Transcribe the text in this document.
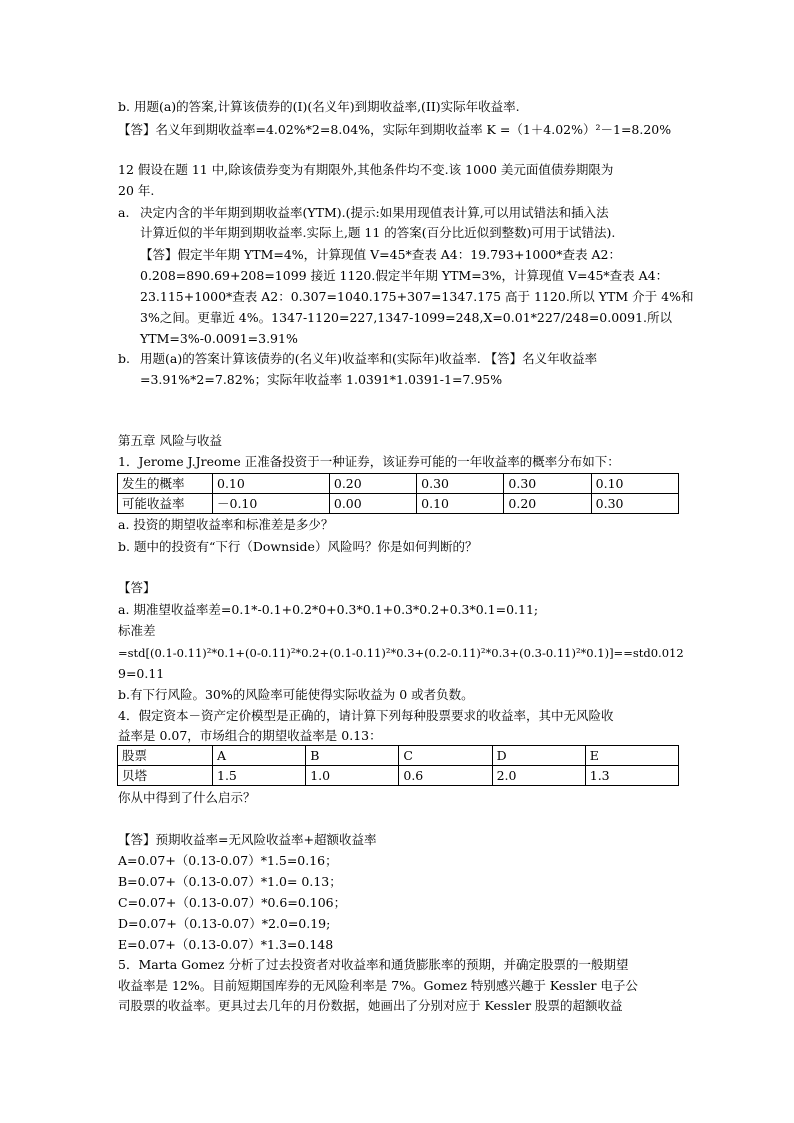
b. 用题(a)的答案,计算该债券的(I)(名义年)到期收益率,(II)实际年收益率.
【答】名义年到期收益率=4.02%*2=8.04%，实际年到期收益率 K =（1＋4.02%）²－1=8.20%
12 假设在题 11 中,除该债券变为有期限外,其他条件均不变.该 1000 美元面值债券期限为
20 年.
a. 决定内含的半年期到期收益率(YTM).(提示:如果用现值表计算,可以用试错法和插入法
计算近似的半年期到期收益率.实际上,题 11 的答案(百分比近似到整数)可用于试错法).
【答】假定半年期 YTM=4%，计算现值 V=45*查表 A4：19.793+1000*查表 A2：
0.208=890.69+208=1099 接近 1120.假定半年期 YTM=3%，计算现值 V=45*查表 A4：
23.115+1000*查表 A2：0.307=1040.175+307=1347.175 高于 1120.所以 YTM 介于 4%和
3%之间。更靠近 4%。1347-1120=227,1347-1099=248,X=0.01*227/248=0.0091.所以
YTM=3%-0.0091=3.91%
b. 用题(a)的答案计算该债券的(名义年)收益率和(实际年)收益率. 【答】名义年收益率
=3.91%*2=7.82%；实际年收益率 1.0391*1.0391-1=7.95%
第五章 风险与收益
1．Jerome J.Jreome 正准备投资于一种证券，该证券可能的一年收益率的概率分布如下：
发生的概率	0.10	0.20	0.30	0.30	0.10
可能收益率	－0.10	0.00	0.10	0.20	0.30
a. 投资的期望收益率和标准差是多少？
b. 题中的投资有“下行（Downside）风险吗？你是如何判断的？
【答】
a. 期准望收益率差=0.1*-0.1+0.2*0+0.3*0.1+0.3*0.2+0.3*0.1=0.11;
标准差
=std[(0.1-0.11)²*0.1+(0-0.11)²*0.2+(0.1-0.11)²*0.3+(0.2-0.11)²*0.3+(0.3-0.11)²*0.1)]==std0.012
9=0.11
b.有下行风险。30%的风险率可能使得实际收益为 0 或者负数。
4．假定资本－资产定价模型是正确的，请计算下列每种股票要求的收益率，其中无风险收
益率是 0.07，市场组合的期望收益率是 0.13：
股票	A	B	C	D	E
贝塔	1.5	1.0	0.6	2.0	1.3
你从中得到了什么启示？
【答】预期收益率=无风险收益率+超额收益率
A=0.07+（0.13-0.07）*1.5=0.16；
B=0.07+（0.13-0.07）*1.0= 0.13；
C=0.07+（0.13-0.07）*0.6=0.106；
D=0.07+（0.13-0.07）*2.0=0.19;
E=0.07+（0.13-0.07）*1.3=0.148
5．Marta Gomez 分析了过去投资者对收益率和通货膨胀率的预期，并确定股票的一般期望
收益率是 12%。目前短期国库券的无风险利率是 7%。Gomez 特别感兴趣于 Kessler 电子公
司股票的收益率。更具过去几年的月份数据，她画出了分别对应于 Kessler 股票的超额收益
